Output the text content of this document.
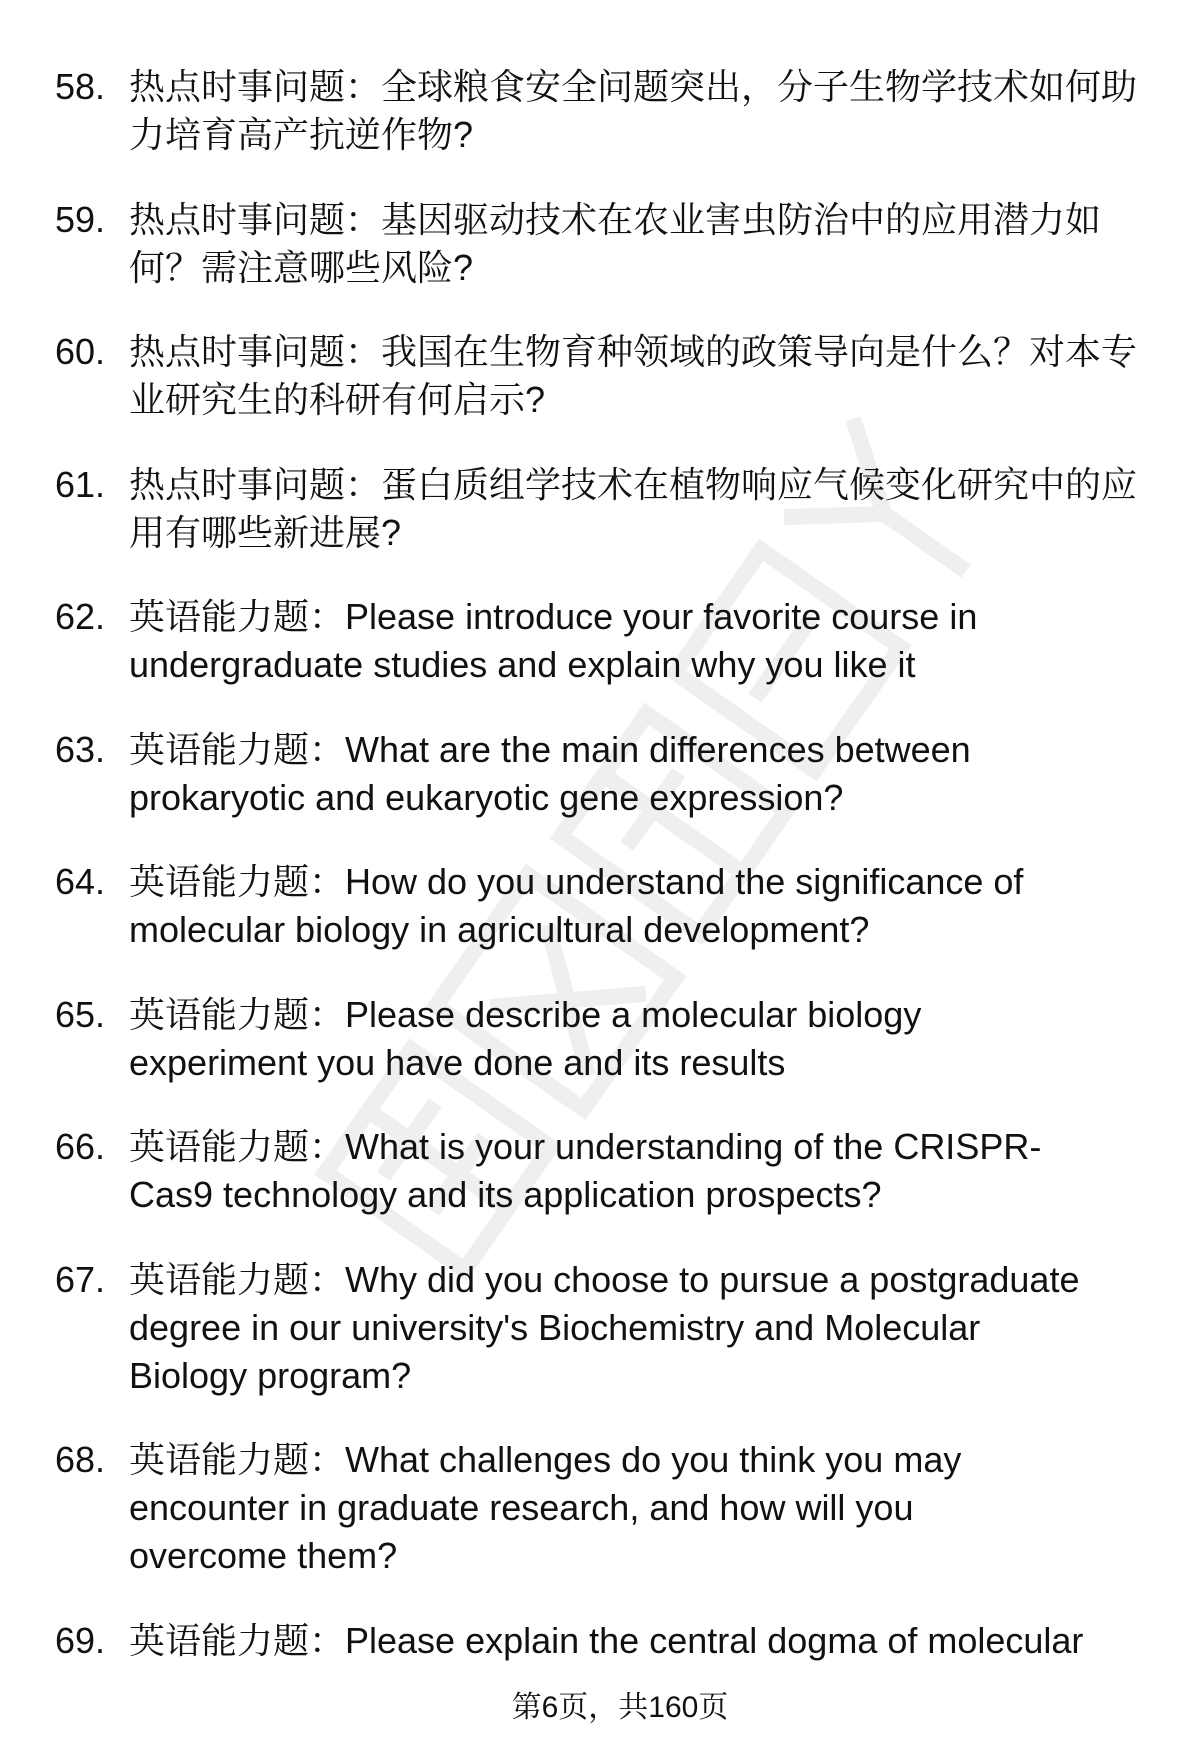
58. 热点时事问题：全球粮食安全问题突出，分子生物学技术如何助
力培育高产抗逆作物?
59. 热点时事问题：基因驱动技术在农业害虫防治中的应用潜力如
何？需注意哪些风险?
60. 热点时事问题：我国在生物育种领域的政策导向是什么？对本专
业研究生的科研有何启示?
61. 热点时事问题：蛋白质组学技术在植物响应气候变化研究中的应
用有哪些新进展?
62. 英语能力题：Please introduce your favorite course in
undergraduate studies and explain why you like it
63. 英语能力题：What are the main differences between
prokaryotic and eukaryotic gene expression?
64. 英语能力题：How do you understand the significance of
molecular biology in agricultural development?
65. 英语能力题：Please describe a molecular biology
experiment you have done and its results
66. 英语能力题：What is your understanding of the CRISPR-
Cas9 technology and its application prospects?
67. 英语能力题：Why did you choose to pursue a postgraduate
degree in our university's Biochemistry and Molecular
Biology program?
68. 英语能力题：What challenges do you think you may
encounter in graduate research, and how will you
overcome them?
69. 英语能力题：Please explain the central dogma of molecular
第6页，共160页
